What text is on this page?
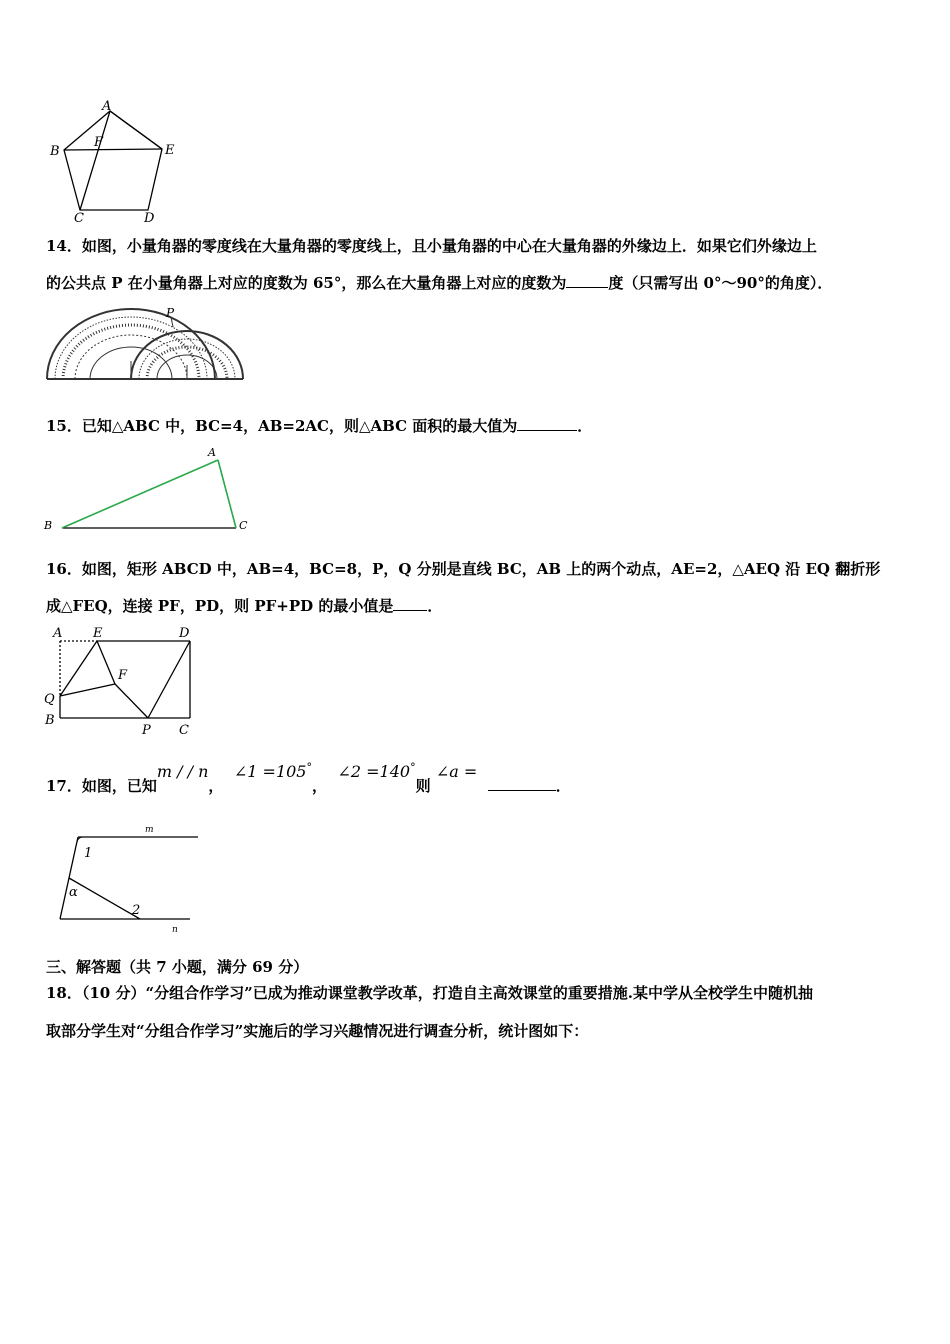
A
B
C	D
E
F
14．如图，小量角器的零度线在大量角器的零度线上，且小量角器的中心在大量角器的外缘边上．如果它们外缘边上
的公共点 P 在小量角器上对应的度数为 65°，那么在大量角器上对应的度数为	度（只需写出 0°～90°的角度）．
P
15．已知△ABC 中，BC=4，AB=2AC，则△ABC 面积的最大值为	．
A
B	C
16．如图，矩形 ABCD 中，AB=4，BC=8，P，Q 分别是直线 BC，AB 上的两个动点，AE=2，△AEQ 沿 EQ 翻折形
成△FEQ，连接 PF，PD，则 PF+PD 的最小值是 ．
A E	D
F
Q
B
P C
17．如图，已知m / / n，  ∠1 =105°，  ∠2 =140°则 ∠a =  ．
m
n
1
2
α
三、解答题（共 7 小题，满分 69 分）
18．（10 分）“分组合作学习”已成为推动课堂教学改革，打造自主高效课堂的重要措施.某中学从全校学生中随机抽
取部分学生对“分组合作学习”实施后的学习兴趣情况进行调查分析，统计图如下：
